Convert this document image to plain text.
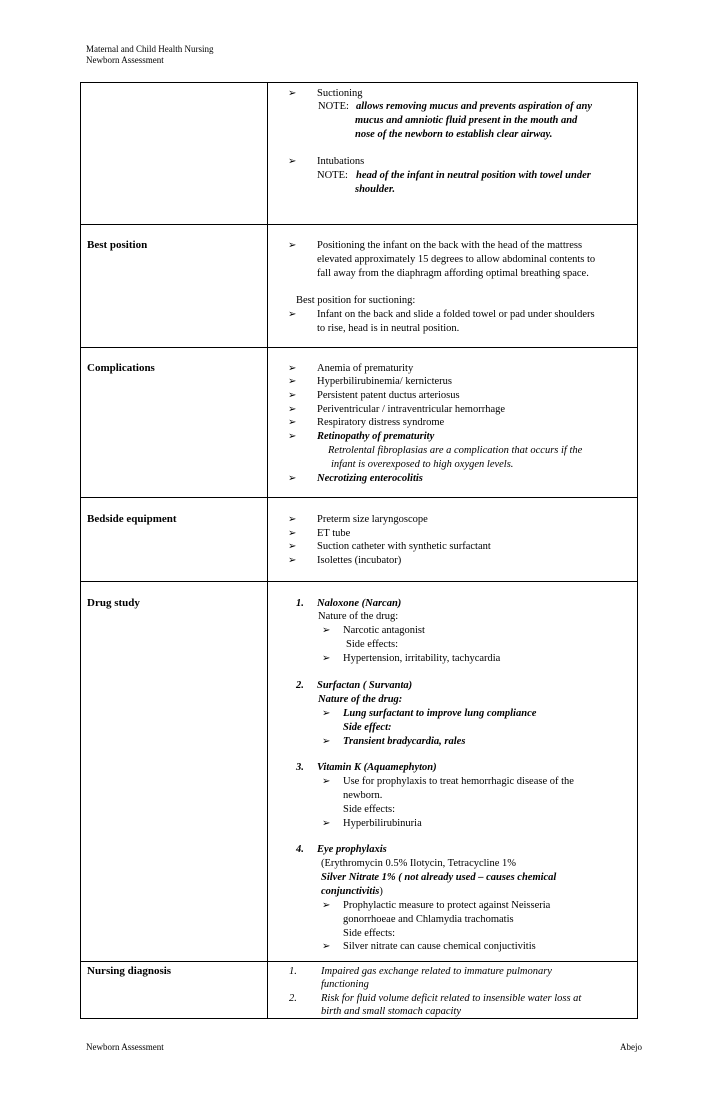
Maternal and Child Health Nursing
Newborn Assessment
➢ Suctioning
NOTE: allows removing mucus and prevents aspiration of any
mucus and amniotic fluid present in the mouth and
nose of the newborn to establish clear airway.
➢ Intubations
NOTE: head of the infant in neutral position with towel under
shoulder.
Best position	➢ Positioning the infant on the back with the head of the mattress
elevated approximately 15 degrees to allow abdominal contents to
fall away from the diaphragm affording optimal breathing space.
Best position for suctioning:
➢ Infant on the back and slide a folded towel or pad under shoulders
to rise, head is in neutral position.
Complications	➢ Anemia of prematurity
➢ Hyperbilirubinemia/ kernicterus
➢ Persistent patent ductus arteriosus
➢ Periventricular / intraventricular hemorrhage
➢ Respiratory distress syndrome
➢ Retinopathy of prematurity
Retrolental fibroplasias are a complication that occurs if the
infant is overexposed to high oxygen levels.
➢ Necrotizing enterocolitis
Bedside equipment	➢ Preterm size laryngoscope
➢ ET tube
➢ Suction catheter with synthetic surfactant
➢ Isolettes (incubator)
Drug study	1. Naloxone (Narcan)
Nature of the drug:
➢ Narcotic antagonist
Side effects:
➢ Hypertension, irritability, tachycardia
2. Surfactan ( Survanta)
Nature of the drug:
➢ Lung surfactant to improve lung compliance
Side effect:
➢ Transient bradycardia, rales
3. Vitamin K (Aquamephyton)
➢ Use for prophylaxis to treat hemorrhagic disease of the
newborn.
Side effects:
➢ Hyperbilirubinuria
4. Eye prophylaxis
(Erythromycin 0.5% Ilotycin, Tetracycline 1%
Silver Nitrate 1% ( not already used – causes chemical
conjunctivitis)
➢ Prophylactic measure to protect against Neisseria
gonorrhoeae and Chlamydia trachomatis
Side effects:
➢ Silver nitrate can cause chemical conjuctivitis
Nursing diagnosis	1. Impaired gas exchange related to immature pulmonary
functioning
2. Risk for fluid volume deficit related to insensible water loss at
birth and small stomach capacity
Newborn Assessment	Abejo
